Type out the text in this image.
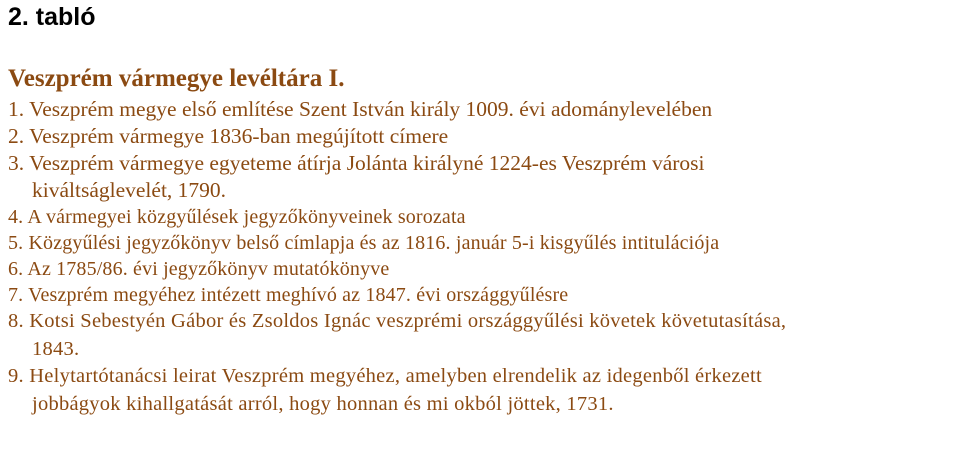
2. tabló
Veszprém vármegye levéltára I.
1. Veszprém megye első említése Szent István király 1009. évi adománylevelében
2. Veszprém vármegye 1836-ban megújított címere
3. Veszprém vármegye egyeteme átírja Jolánta királyné 1224-es Veszprém városi
kiváltságlevelét, 1790.
4. A vármegyei közgyűlések jegyzőkönyveinek sorozata
5. Közgyűlési jegyzőkönyv belső címlapja és az 1816. január 5-i kisgyűlés intitulációja
6. Az 1785/86. évi jegyzőkönyv mutatókönyve
7. Veszprém megyéhez intézett meghívó az 1847. évi országgyűlésre
8. Kotsi Sebestyén Gábor és Zsoldos Ignác veszprémi országgyűlési követek követutasítása,
1843.
9. Helytartótanácsi leirat Veszprém megyéhez, amelyben elrendelik az idegenből érkezett
jobbágyok kihallgatását arról, hogy honnan és mi okból jöttek, 1731.
